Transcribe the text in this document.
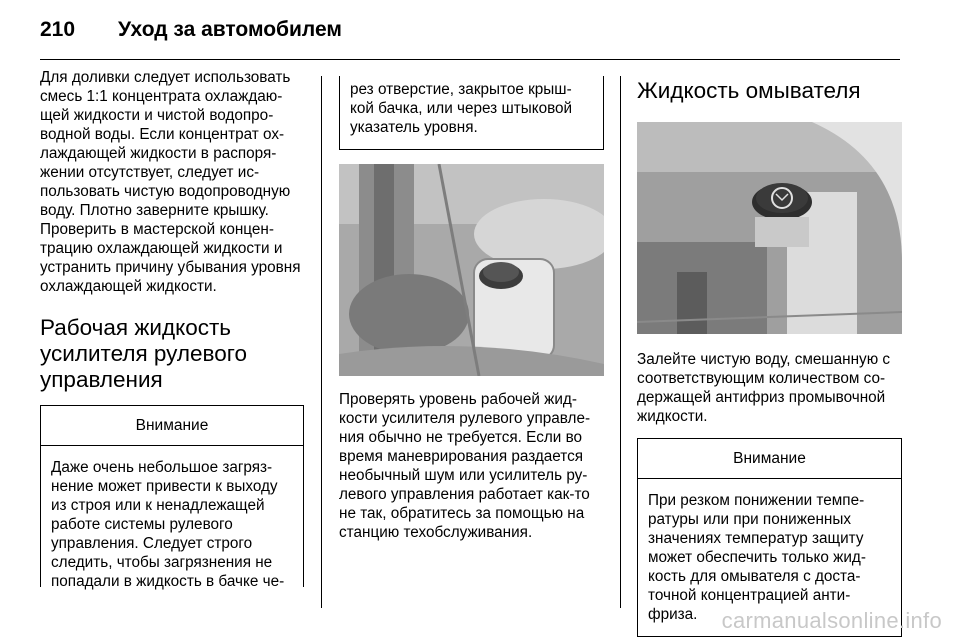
210	Уход за автомобилем

Для доливки следует использовать смесь 1:1 концентрата охлаждаю- щей жидкости и чистой водопро- водной воды. Если концентрат ох- лаждающей жидкости в распоря- жении отсутствует, следует ис- пользовать чистую водопроводную воду. Плотно заверните крышку. Проверить в мастерской концен- трацию охлаждающей жидкости и устранить причину убывания уровня охлаждающей жидкости.

Рабочая жидкость усилителя рулевого управления
Внимание
Даже очень небольшое загряз- нение может привести к выходу из строя или к ненадлежащей работе системы рулевого управления. Следует строго следить, чтобы загрязнения не попадали в жидкость в бачке че-
рез отверстие, закрытое крыш- кой бачка, или через штыковой указатель уровня.

Проверять уровень рабочей жид- кости усилителя рулевого управле- ния обычно не требуется. Если во время маневрирования раздается необычный шум или усилитель ру- левого управления работает как-то не так, обратитесь за помощью на станцию техобслуживания.

Жидкость омывателя

Залейте чистую воду, смешанную с соответствующим количеством со- держащей антифриз промывочной жидкости.

Внимание
При резком понижении темпе- ратуры или при пониженных значениях температур защиту может обеспечить только жид- кость для омывателя с доста- точной концентрацией анти- фриза.	carmanualsonline.info
